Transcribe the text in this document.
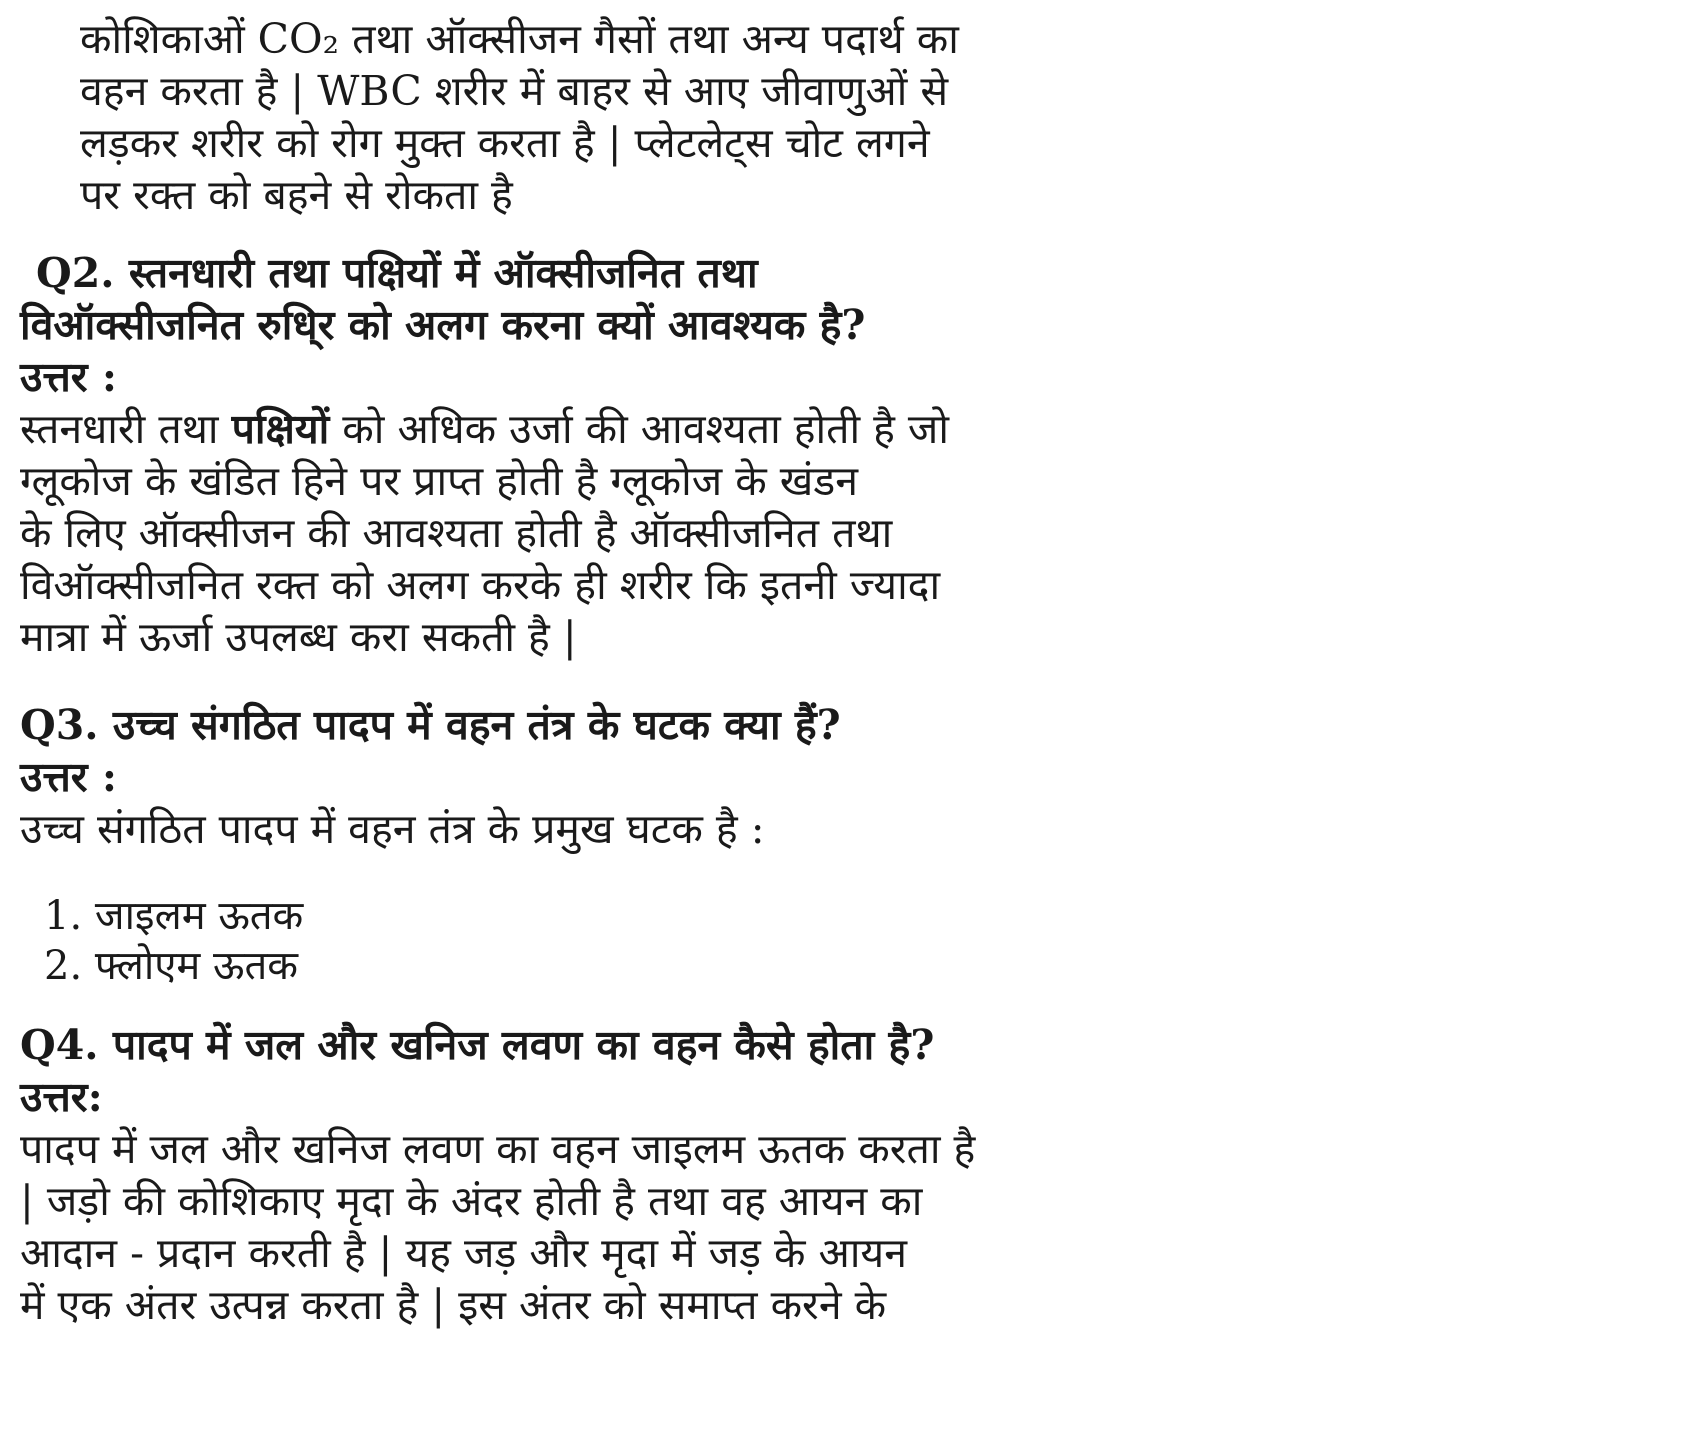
कोशिकाओं CO₂ तथा ऑक्सीजन गैसों तथा अन्य पदार्थ का

वहन करता है | WBC शरीर में बाहर से आए जीवाणुओं से

लड़कर शरीर को रोग मुक्त करता है | प्लेटलेट्स चोट लगने

पर रक्त को बहने से रोकता है

Q2. स्तनधारी तथा पक्षियों में ऑक्सीजनित तथा

विऑक्सीजनित रुधि्र को अलग करना क्यों आवश्यक है?

उत्तर :

स्तनधारी तथा पक्षियों को अधिक उर्जा की आवश्यता होती है जो

ग्लूकोज के खंडित हिने पर प्राप्त होती है ग्लूकोज के खंडन

के लिए ऑक्सीजन की आवश्यता होती है ऑक्सीजनित तथा

विऑक्सीजनित रक्त को अलग करके ही शरीर कि इतनी ज्यादा

मात्रा में ऊर्जा उपलब्ध करा सकती है |

Q3. उच्च संगठित पादप में वहन तंत्र के घटक क्या हैं?

उत्तर :

उच्च संगठित पादप में वहन तंत्र के प्रमुख घटक है :

1. जाइलम ऊतक
2. फ्लोएम ऊतक

Q4. पादप में जल और खनिज लवण का वहन कैसे होता है?

उत्तर:

पादप में जल और खनिज लवण का वहन जाइलम ऊतक करता है

| जड़ो की कोशिकाए मृदा के अंदर होती है तथा वह आयन का

आदान - प्रदान करती है | यह जड़ और मृदा में जड़ के आयन

में एक अंतर उत्पन्न करता है | इस अंतर को समाप्त करने के
